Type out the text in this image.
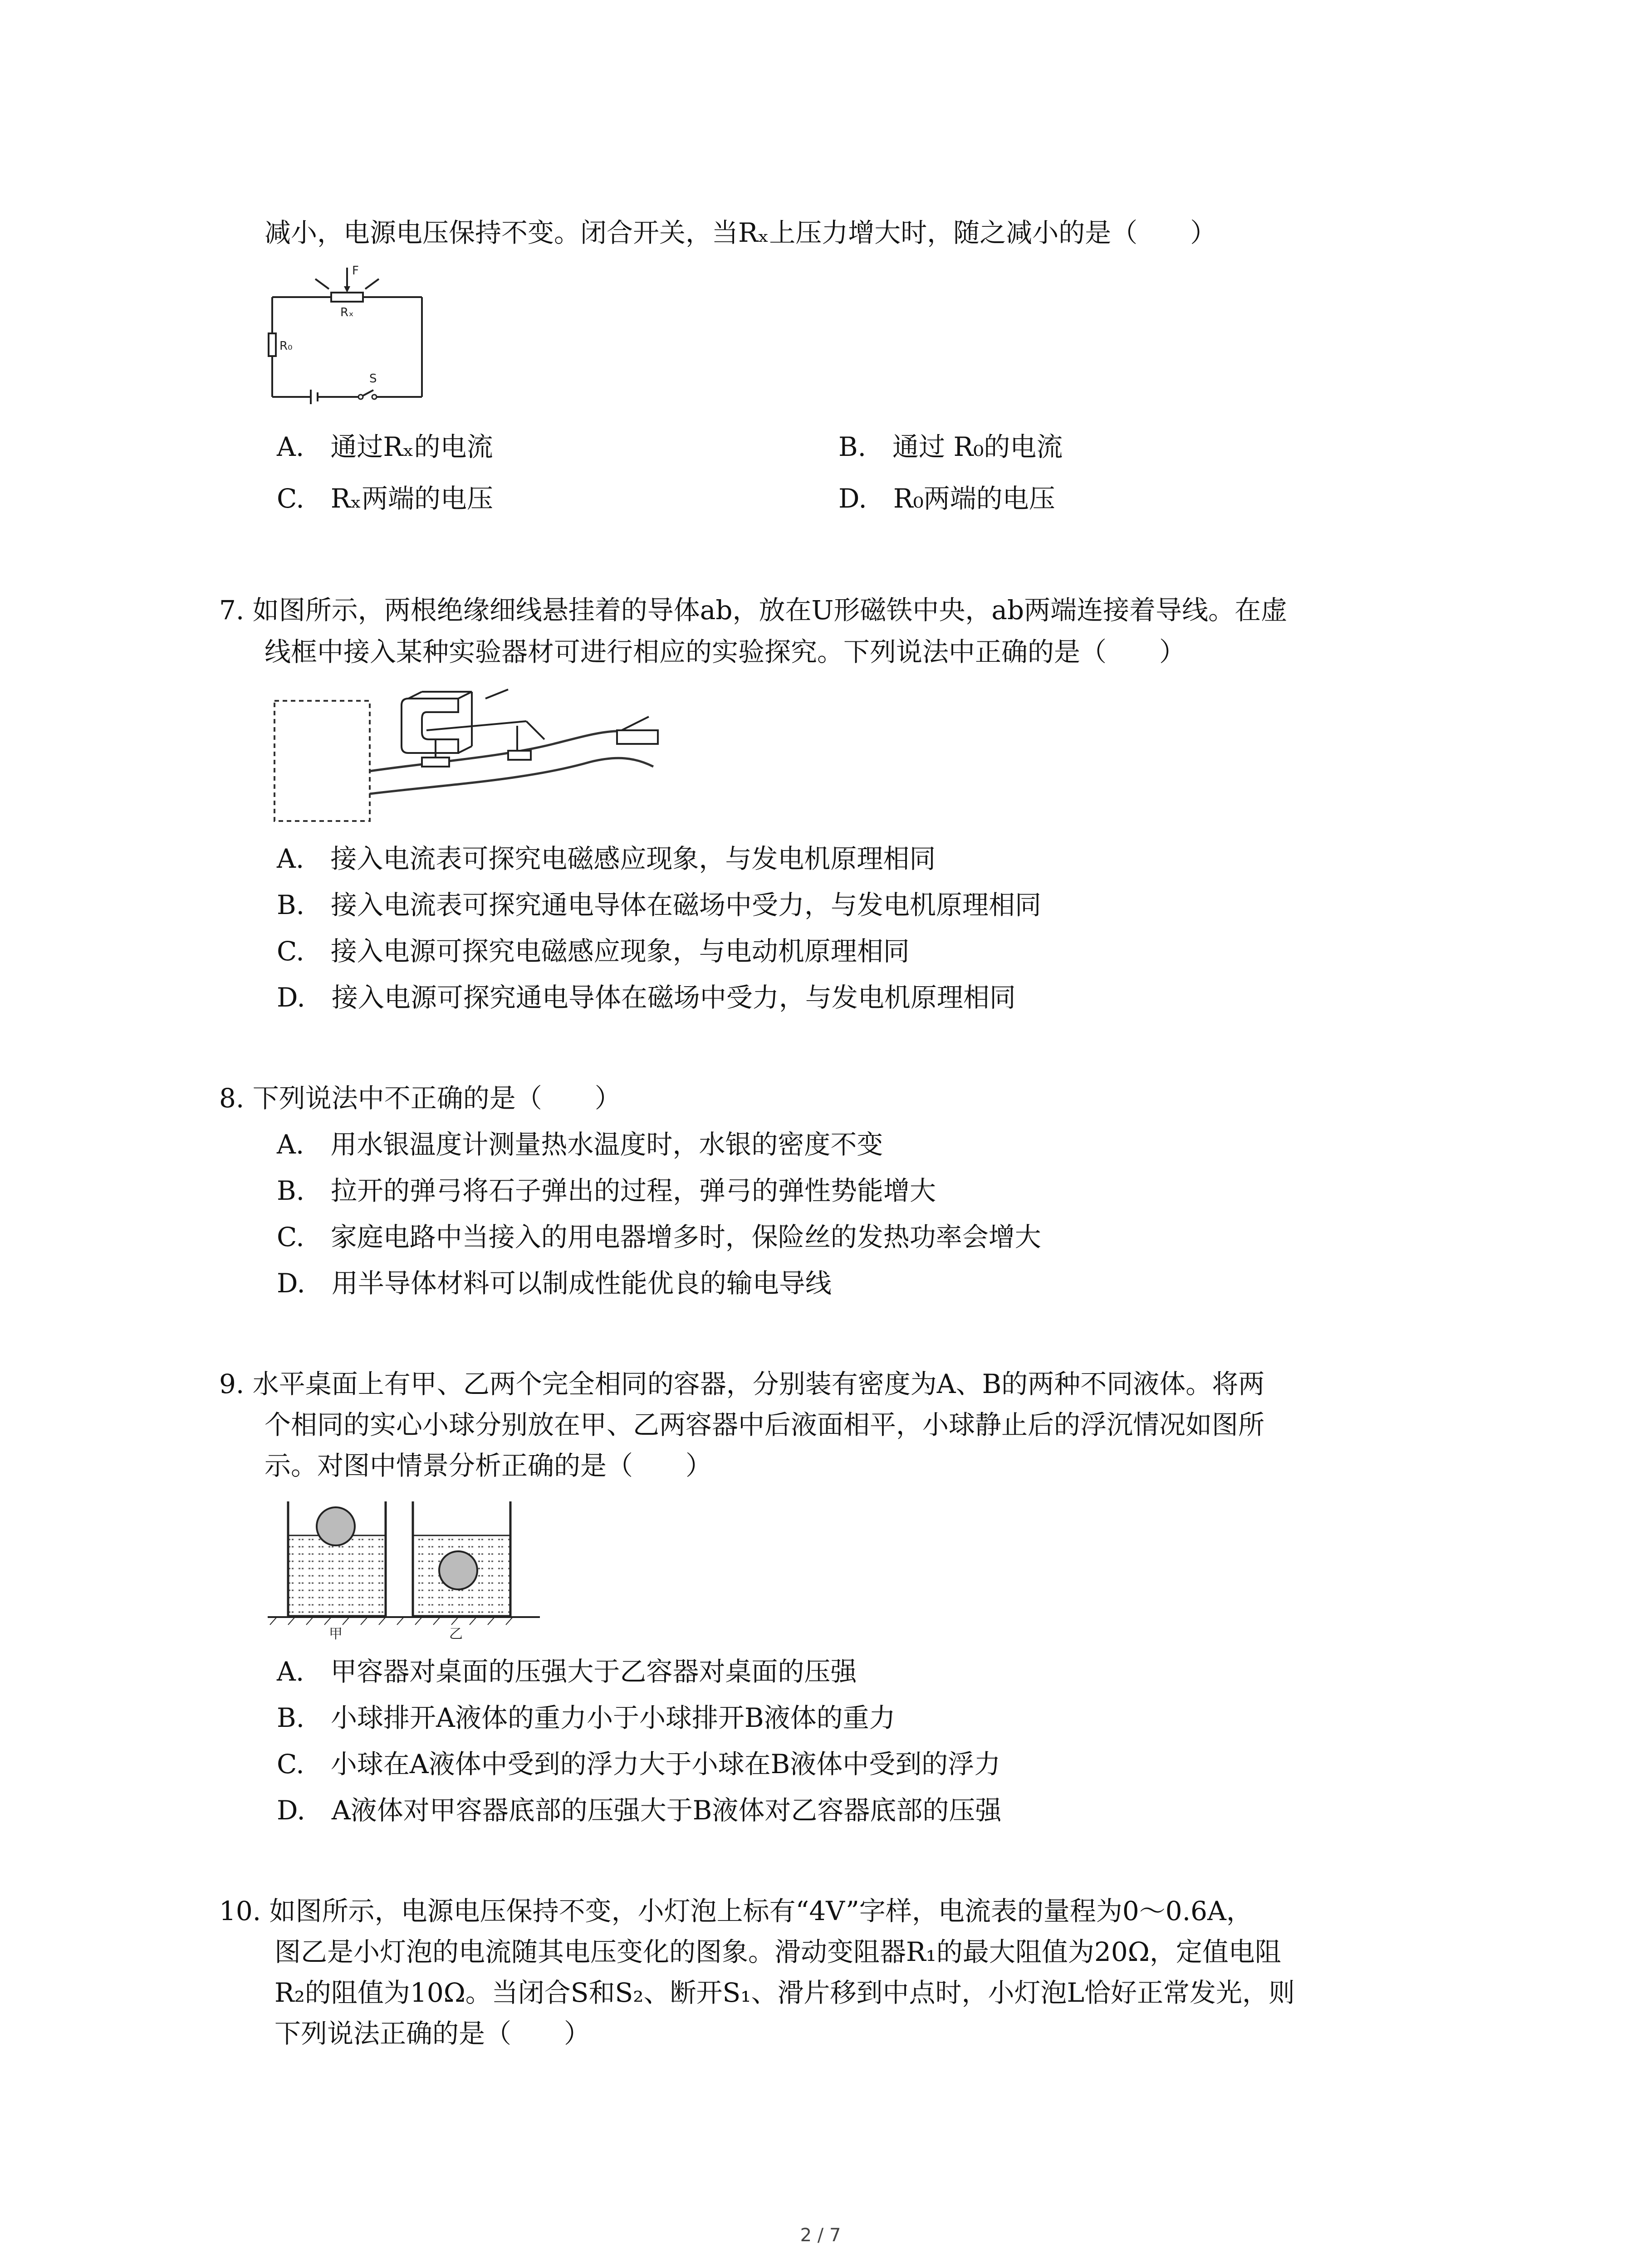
减小，电源电压保持不变。闭合开关，当Rₓ上压力增大时，随之减小的是（　　）
F
Rₓ
R₀
S
A.　通过Rₓ的电流	B.　通过 R₀的电流
C.　Rₓ两端的电压	D.　R₀两端的电压
7. 如图所示，两根绝缘细线悬挂着的导体ab，放在U形磁铁中央，ab两端连接着导线。在虚
线框中接入某种实验器材可进行相应的实验探究。下列说法中正确的是（　　）
A.　接入电流表可探究电磁感应现象，与发电机原理相同
B.　接入电流表可探究通电导体在磁场中受力，与发电机原理相同
C.　接入电源可探究电磁感应现象，与电动机原理相同
D.　接入电源可探究通电导体在磁场中受力，与发电机原理相同
8. 下列说法中不正确的是（　　）
A.　用水银温度计测量热水温度时，水银的密度不变
B.　拉开的弹弓将石子弹出的过程，弹弓的弹性势能增大
C.　家庭电路中当接入的用电器增多时，保险丝的发热功率会增大
D.　用半导体材料可以制成性能优良的输电导线
9. 水平桌面上有甲、乙两个完全相同的容器，分别装有密度为A、B的两种不同液体。将两
个相同的实心小球分别放在甲、乙两容器中后液面相平，小球静止后的浮沉情况如图所
示。对图中情景分析正确的是（　　）
甲	乙
A.　甲容器对桌面的压强大于乙容器对桌面的压强
B.　小球排开A液体的重力小于小球排开B液体的重力
C.　小球在A液体中受到的浮力大于小球在B液体中受到的浮力
D.　A液体对甲容器底部的压强大于B液体对乙容器底部的压强
10. 如图所示，电源电压保持不变，小灯泡上标有“4V”字样，电流表的量程为0～0.6A，
图乙是小灯泡的电流随其电压变化的图象。滑动变阻器R₁的最大阻值为20Ω，定值电阻
R₂的阻值为10Ω。当闭合S和S₂、断开S₁、滑片移到中点时，小灯泡L恰好正常发光，则
下列说法正确的是（　　）
2 / 7
